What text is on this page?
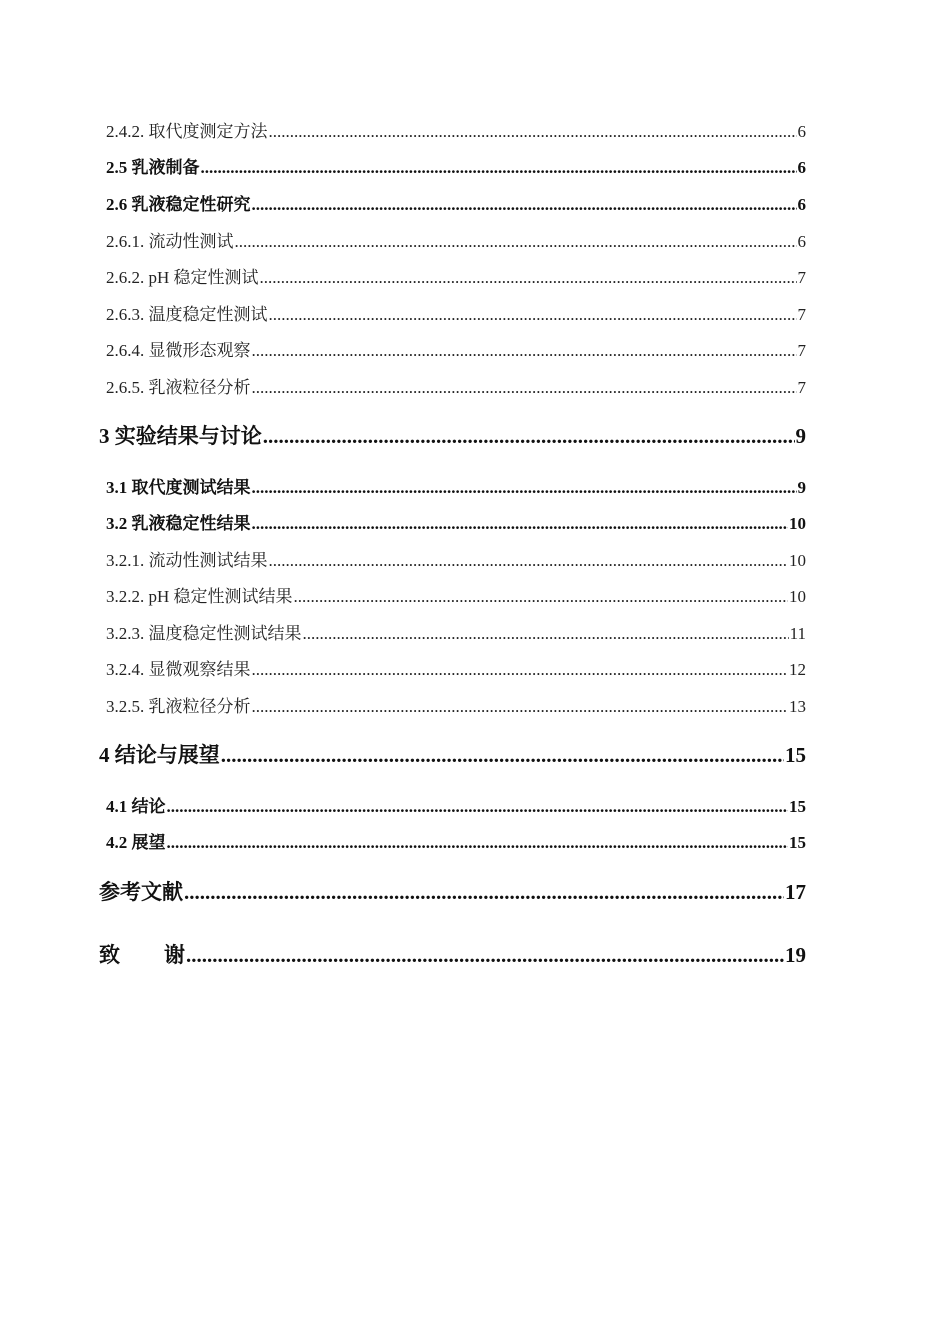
2.4.2. 取代度测定方法 .....	6
2.5 乳液制备 .....	6
2.6 乳液稳定性研究 .....	6
2.6.1. 流动性测试 .....	6
2.6.2. pH 稳定性测试 .....	7
2.6.3. 温度稳定性测试 .....	7
2.6.4. 显微形态观察 .....	7
2.6.5. 乳液粒径分析 .....	7
3 实验结果与讨论 .....	9
3.1 取代度测试结果 .....	9
3.2 乳液稳定性结果 .....	10
3.2.1. 流动性测试结果 .....	10
3.2.2. pH 稳定性测试结果 .....	10
3.2.3. 温度稳定性测试结果 .....	11
3.2.4. 显微观察结果 .....	12
3.2.5. 乳液粒径分析 .....	13
4 结论与展望 .....	15
4.1 结论 .....	15
4.2 展望 .....	15
参考文献 .....	17
致 谢 .....	19
